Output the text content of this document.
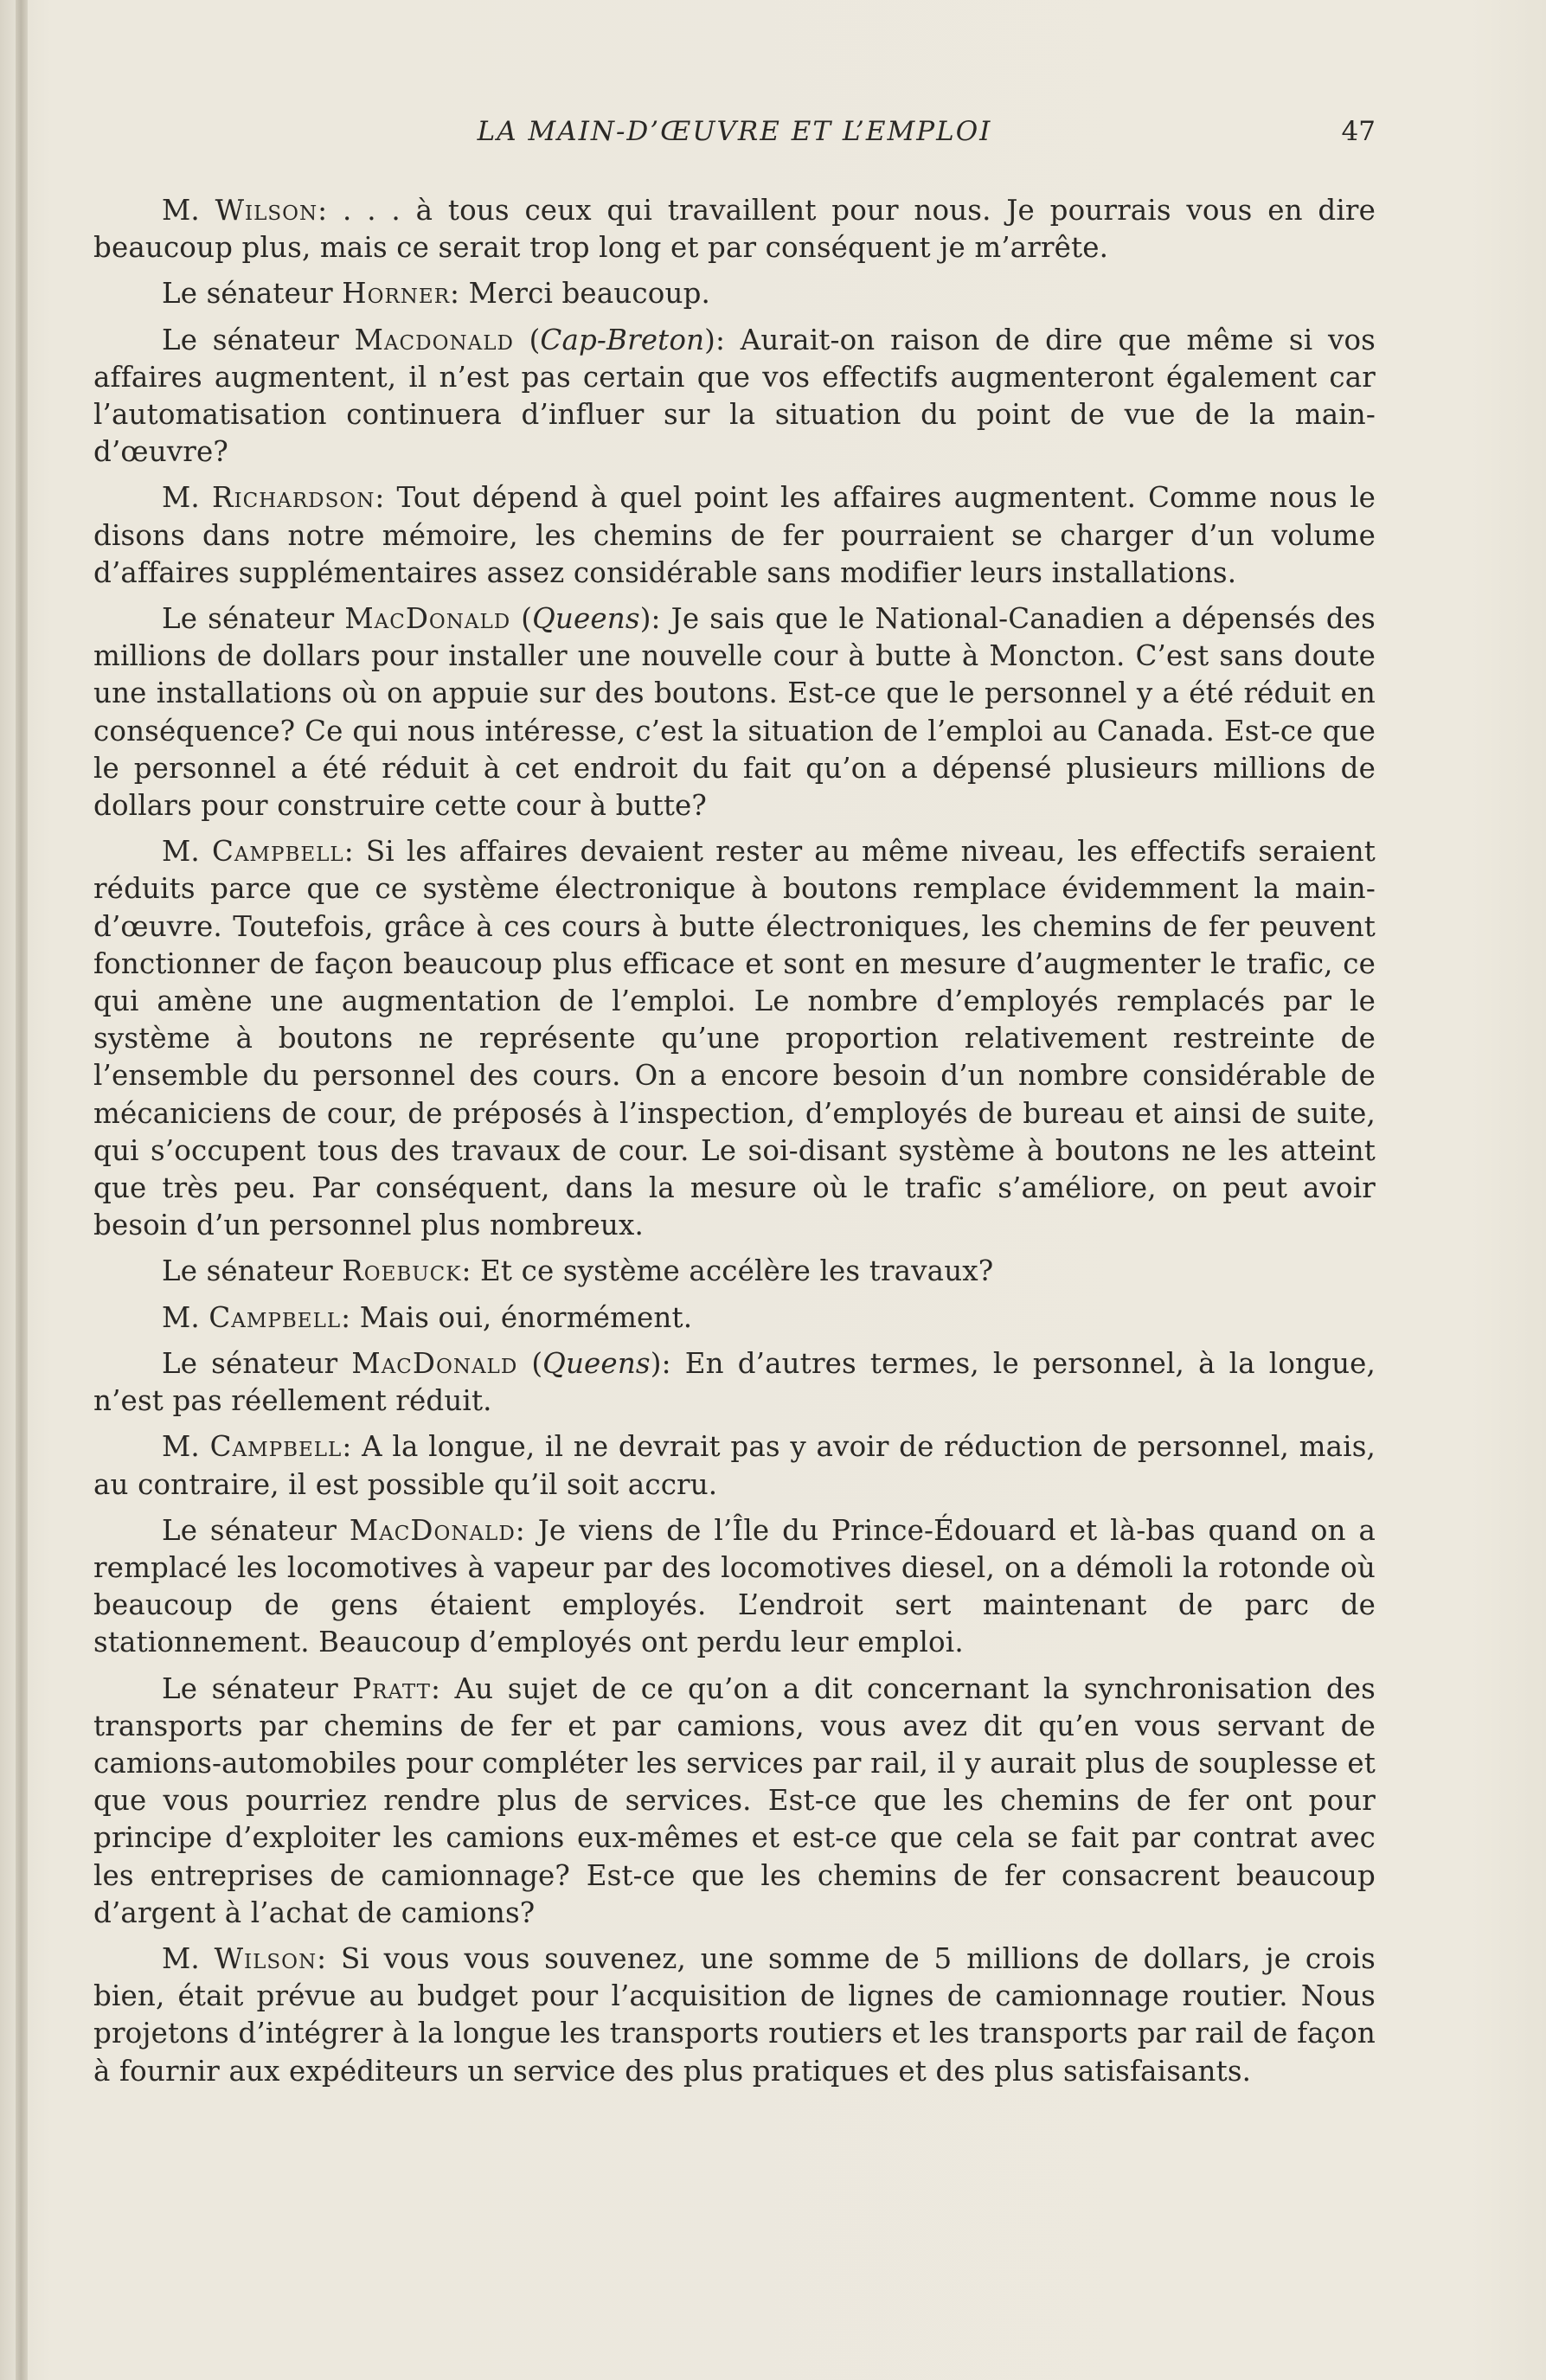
LA MAIN-D’ŒUVRE ET L’EMPLOI	47

M. Wilson: . . . à tous ceux qui travaillent pour nous. Je pourrais vous en dire beaucoup plus, mais ce serait trop long et par conséquent je m’arrête.

Le sénateur Horner: Merci beaucoup.

Le sénateur Macdonald (Cap-Breton): Aurait-on raison de dire que même si vos affaires augmentent, il n’est pas certain que vos effectifs augmenteront également car l’automatisation continuera d’influer sur la situation du point de vue de la main-d’œuvre?

M. Richardson: Tout dépend à quel point les affaires augmentent. Comme nous le disons dans notre mémoire, les chemins de fer pourraient se charger d’un volume d’affaires supplémentaires assez considérable sans modifier leurs installations.

Le sénateur MacDonald (Queens): Je sais que le National-Canadien a dépensés des millions de dollars pour installer une nouvelle cour à butte à Moncton. C’est sans doute une installations où on appuie sur des boutons. Est-ce que le personnel y a été réduit en conséquence? Ce qui nous intéresse, c’est la situation de l’emploi au Canada. Est-ce que le personnel a été réduit à cet endroit du fait qu’on a dépensé plusieurs millions de dollars pour construire cette cour à butte?

M. Campbell: Si les affaires devaient rester au même niveau, les effectifs seraient réduits parce que ce système électronique à boutons remplace évidemment la main-d’œuvre. Toutefois, grâce à ces cours à butte électroniques, les chemins de fer peuvent fonctionner de façon beaucoup plus efficace et sont en mesure d’augmenter le trafic, ce qui amène une augmentation de l’emploi. Le nombre d’employés remplacés par le système à boutons ne représente qu’une proportion relativement restreinte de l’ensemble du personnel des cours. On a encore besoin d’un nombre considérable de mécaniciens de cour, de préposés à l’inspection, d’employés de bureau et ainsi de suite, qui s’occupent tous des travaux de cour. Le soi-disant système à boutons ne les atteint que très peu. Par conséquent, dans la mesure où le trafic s’améliore, on peut avoir besoin d’un personnel plus nombreux.

Le sénateur Roebuck: Et ce système accélère les travaux?

M. Campbell: Mais oui, énormément.

Le sénateur MacDonald (Queens): En d’autres termes, le personnel, à la longue, n’est pas réellement réduit.

M. Campbell: A la longue, il ne devrait pas y avoir de réduction de personnel, mais, au contraire, il est possible qu’il soit accru.

Le sénateur MacDonald: Je viens de l’Île du Prince-Édouard et là-bas quand on a remplacé les locomotives à vapeur par des locomotives diesel, on a démoli la rotonde où beaucoup de gens étaient employés. L’endroit sert maintenant de parc de stationnement. Beaucoup d’employés ont perdu leur emploi.

Le sénateur Pratt: Au sujet de ce qu’on a dit concernant la synchronisation des transports par chemins de fer et par camions, vous avez dit qu’en vous servant de camions-automobiles pour compléter les services par rail, il y aurait plus de souplesse et que vous pourriez rendre plus de services. Est-ce que les chemins de fer ont pour principe d’exploiter les camions eux-mêmes et est-ce que cela se fait par contrat avec les entreprises de camionnage? Est-ce que les chemins de fer consacrent beaucoup d’argent à l’achat de camions?

M. Wilson: Si vous vous souvenez, une somme de 5 millions de dollars, je crois bien, était prévue au budget pour l’acquisition de lignes de camionnage routier. Nous projetons d’intégrer à la longue les transports routiers et les transports par rail de façon à fournir aux expéditeurs un service des plus pratiques et des plus satisfaisants.
